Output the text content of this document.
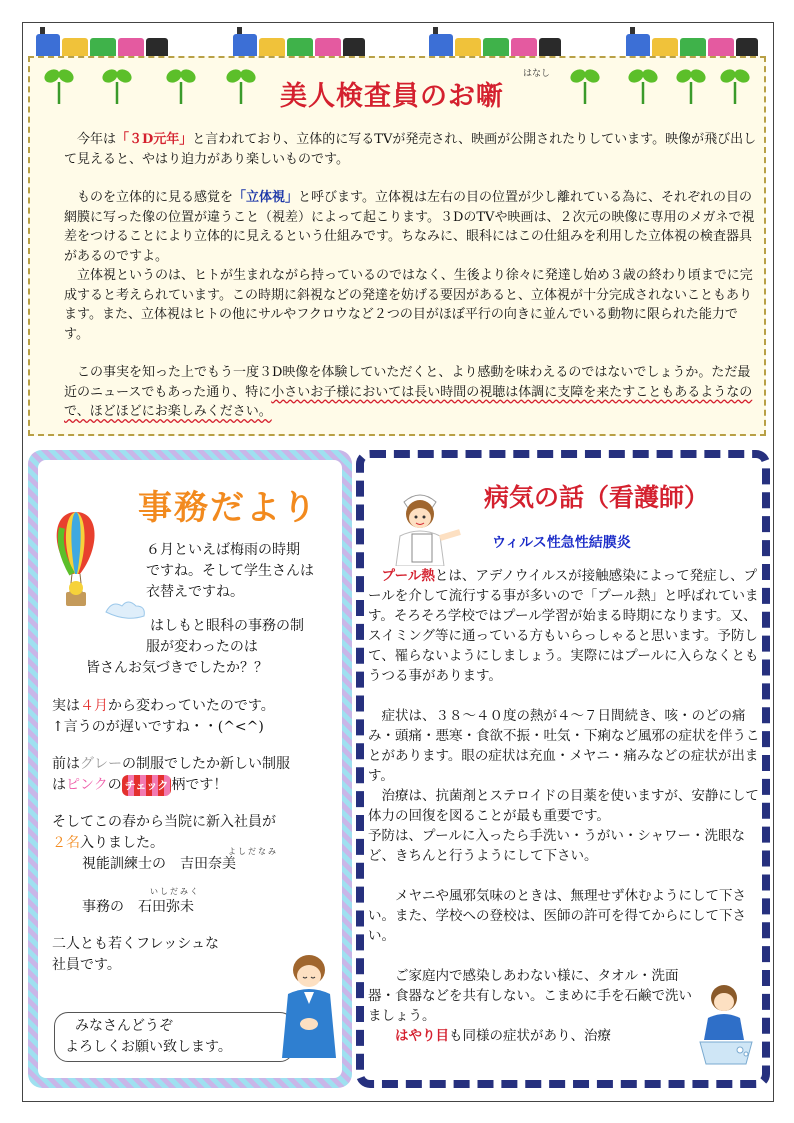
はなし
美人検査員のお噺

今年は「３D元年」と言われており、立体的に写るTVが発売され、映画が公開されたりしています。映像が飛び出して見えると、やはり迫力があり楽しいものです。

ものを立体的に見る感覚を「立体視」と呼びます。立体視は左右の目の位置が少し離れている為に、それぞれの目の網膜に写った像の位置が違うこと（視差）によって起こります。３DのTVや映画は、２次元の映像に専用のメガネで視差をつけることにより立体的に見えるという仕組みです。ちなみに、眼科にはこの仕組みを利用した立体視の検査器具があるのですよ。

立体視というのは、ヒトが生まれながら持っているのではなく、生後より徐々に発達し始め３歳の終わり頃までに完成すると考えられています。この時期に斜視などの発達を妨げる要因があると、立体視が十分完成されないこともあります。また、立体視はヒトの他にサルやフクロウなど２つの目がほぼ平行の向きに並んでいる動物に限られた能力です。

この事実を知った上でもう一度３D映像を体験していただくと、より感動を味わえるのではないでしょうか。ただ最近のニュースでもあった通り、特に小さいお子様においては長い時間の視聴は体調に支障を来たすこともあるようなので、ほどほどにお楽しみください。

事務だより
６月といえば梅雨の時期
ですね。そして学生さんは
衣替えですね。
はしもと眼科の事務の制
服が変わったのは
皆さんお気づきでしたか？？
実は４月から変わっていたのです。
↑言うのが遅いですね・・(^<^)
前はグレーの制服でしたか新しい制服
はピンクの チェック 柄です！
そしてこの春から当院に新入社員が
２名入りました。
よしだなみ
視能訓練士の　吉田奈美
いしだみく
事務の　石田弥未
二人とも若くフレッシュな
社員です。
みなさんどうぞ
よろしくお願い致します。
病気の話（看護師）
ウィルス性急性結膜炎

プール熱とは、アデノウイルスが接触感染によって発症し、プールを介して流行する事が多いので「プール熱」と呼ばれています。そろそろ学校ではプール学習が始まる時期になります。又、スイミング等に通っている方もいらっしゃると思います。予防して、罹らないようにしましょう。実際にはプールに入らなくともうつる事があります。

症状は、３８～４０度の熱が４～７日間続き、咳・のどの痛み・頭痛・悪寒・食欲不振・吐気・下痢など風邪の症状を伴うことがあります。眼の症状は充血・メヤニ・痛みなどの症状が出ます。

治療は、抗菌剤とステロイドの目薬を使いますが、安静にして体力の回復を図ることが最も重要です。

予防は、プールに入ったら手洗い・うがい・シャワー・洗眼など、きちんと行うようにして下さい。

メヤニや風邪気味のときは、無理せず休むようにして下さい。また、学校への登校は、医師の許可を得てからにして下さい。

ご家庭内で感染しあわない様に、タオル・洗面器・食器などを共有しない。こまめに手を石鹸で洗いましょう。

はやり目も同様の症状があり、治療
